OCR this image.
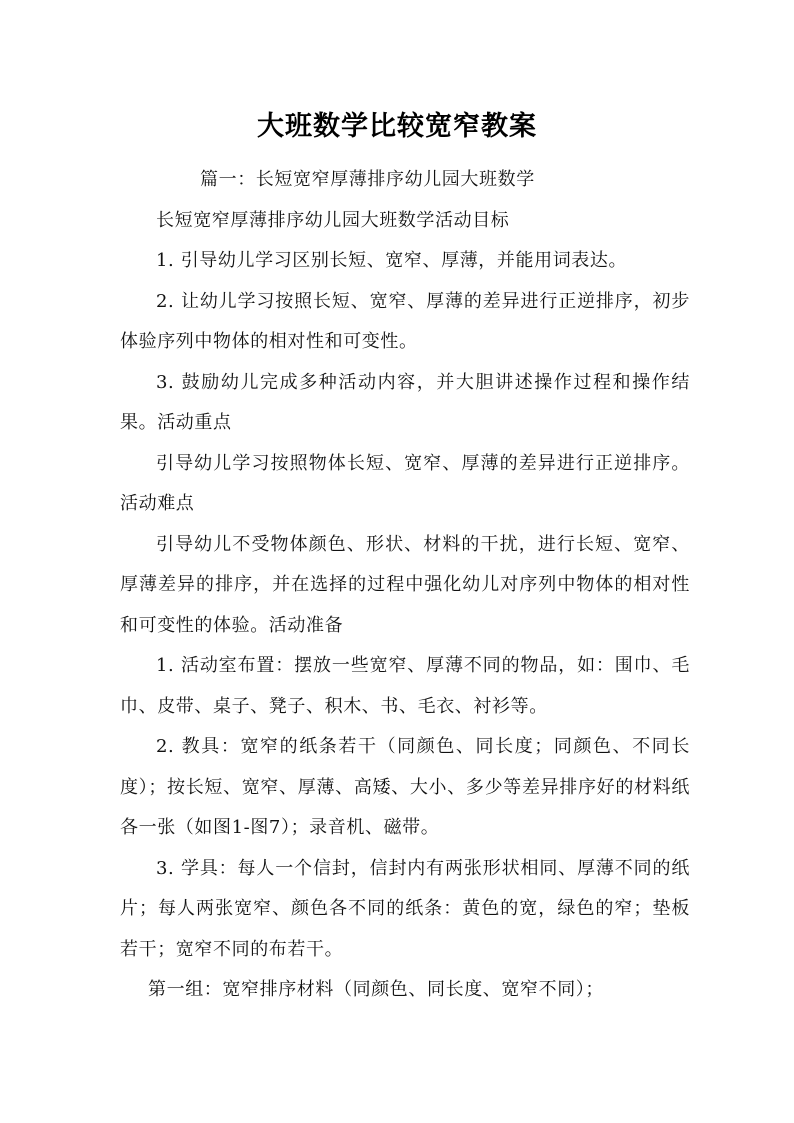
大班数学比较宽窄教案

篇一：长短宽窄厚薄排序幼儿园大班数学

长短宽窄厚薄排序幼儿园大班数学活动目标

1. 引导幼儿学习区别长短、宽窄、厚薄，并能用词表达。

2. 让幼儿学习按照长短、宽窄、厚薄的差异进行正逆排序，初步体验序列中物体的相对性和可变性。

3. 鼓励幼儿完成多种活动内容，并大胆讲述操作过程和操作结果。活动重点

引导幼儿学习按照物体长短、宽窄、厚薄的差异进行正逆排序。活动难点

引导幼儿不受物体颜色、形状、材料的干扰，进行长短、宽窄、厚薄差异的排序，并在选择的过程中强化幼儿对序列中物体的相对性和可变性的体验。活动准备

1. 活动室布置：摆放一些宽窄、厚薄不同的物品，如：围巾、毛巾、皮带、桌子、凳子、积木、书、毛衣、衬衫等。

2. 教具：宽窄的纸条若干（同颜色、同长度；同颜色、不同长度）；按长短、宽窄、厚薄、高矮、大小、多少等差异排序好的材料纸各一张（如图1-图7）；录音机、磁带。

3. 学具：每人一个信封，信封内有两张形状相同、厚薄不同的纸片；每人两张宽窄、颜色各不同的纸条：黄色的宽，绿色的窄；垫板若干；宽窄不同的布若干。

第一组：宽窄排序材料（同颜色、同长度、宽窄不同）；
